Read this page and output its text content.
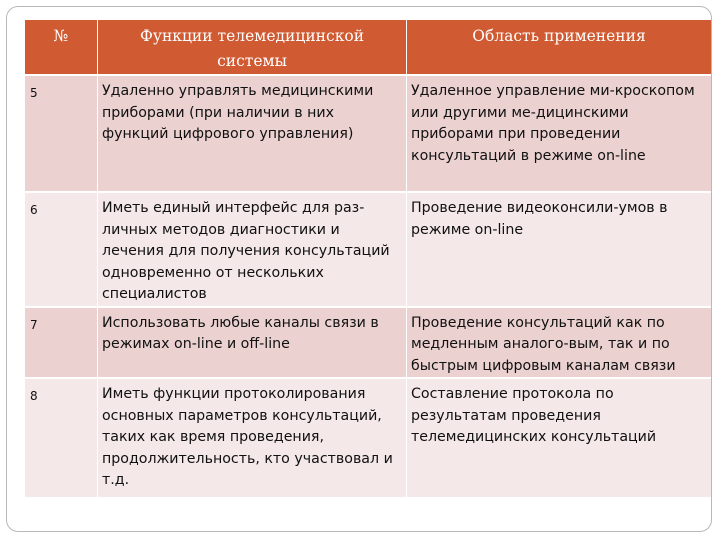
№	Функции телемедицинской системы	Область применения
5	Удаленно управлять медицинскими приборами (при наличии в них функций цифрового управления)	Удаленное управление ми-кроскопом или другими ме-дицинскими приборами при проведении консультаций в режиме on-line
6	Иметь единый интерфейс для раз-личных методов диагностики и лечения для получения консультаций одновременно от нескольких специалистов	Проведение видеоконсили-умов в режиме on-line
7	Использовать любые каналы связи в режимах on-line и off-line	Проведение консультаций как по медленным аналого-вым, так и по быстрым цифровым каналам связи
8	Иметь функции протоколирования основных параметров консультаций, таких как время проведения, продолжительность, кто участвовал и т.д.	Составление протокола по результатам проведения телемедицинских консультаций
